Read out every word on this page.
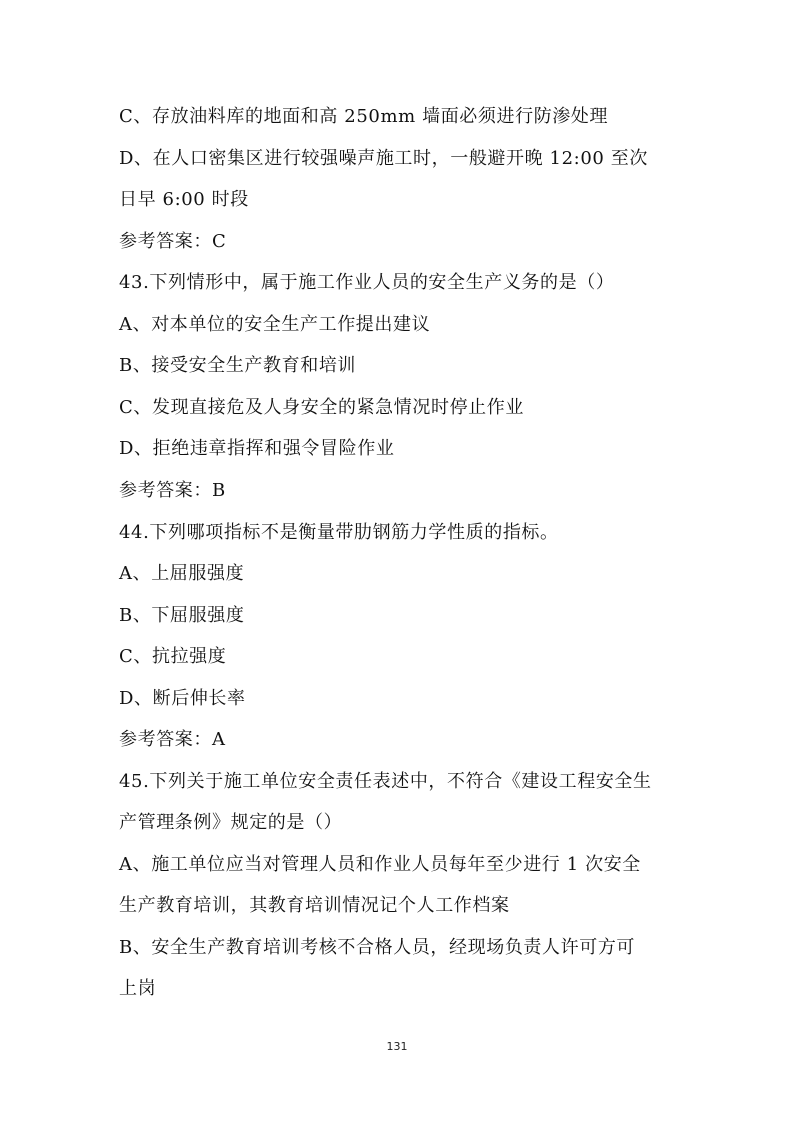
C、存放油料库的地面和高 250mm 墙面必须进行防渗处理
D、在人口密集区进行较强噪声施工时，一般避开晚 12:00 至次
日早 6:00 时段
参考答案：C
43.下列情形中，属于施工作业人员的安全生产义务的是（）
A、对本单位的安全生产工作提出建议
B、接受安全生产教育和培训
C、发现直接危及人身安全的紧急情况时停止作业
D、拒绝违章指挥和强令冒险作业
参考答案：B
44.下列哪项指标不是衡量带肋钢筋力学性质的指标。
A、上屈服强度
B、下屈服强度
C、抗拉强度
D、断后伸长率
参考答案：A
45.下列关于施工单位安全责任表述中，不符合《建设工程安全生
产管理条例》规定的是（）
A、施工单位应当对管理人员和作业人员每年至少进行 1 次安全
生产教育培训，其教育培训情况记个人工作档案
B、安全生产教育培训考核不合格人员，经现场负责人许可方可
上岗
131
